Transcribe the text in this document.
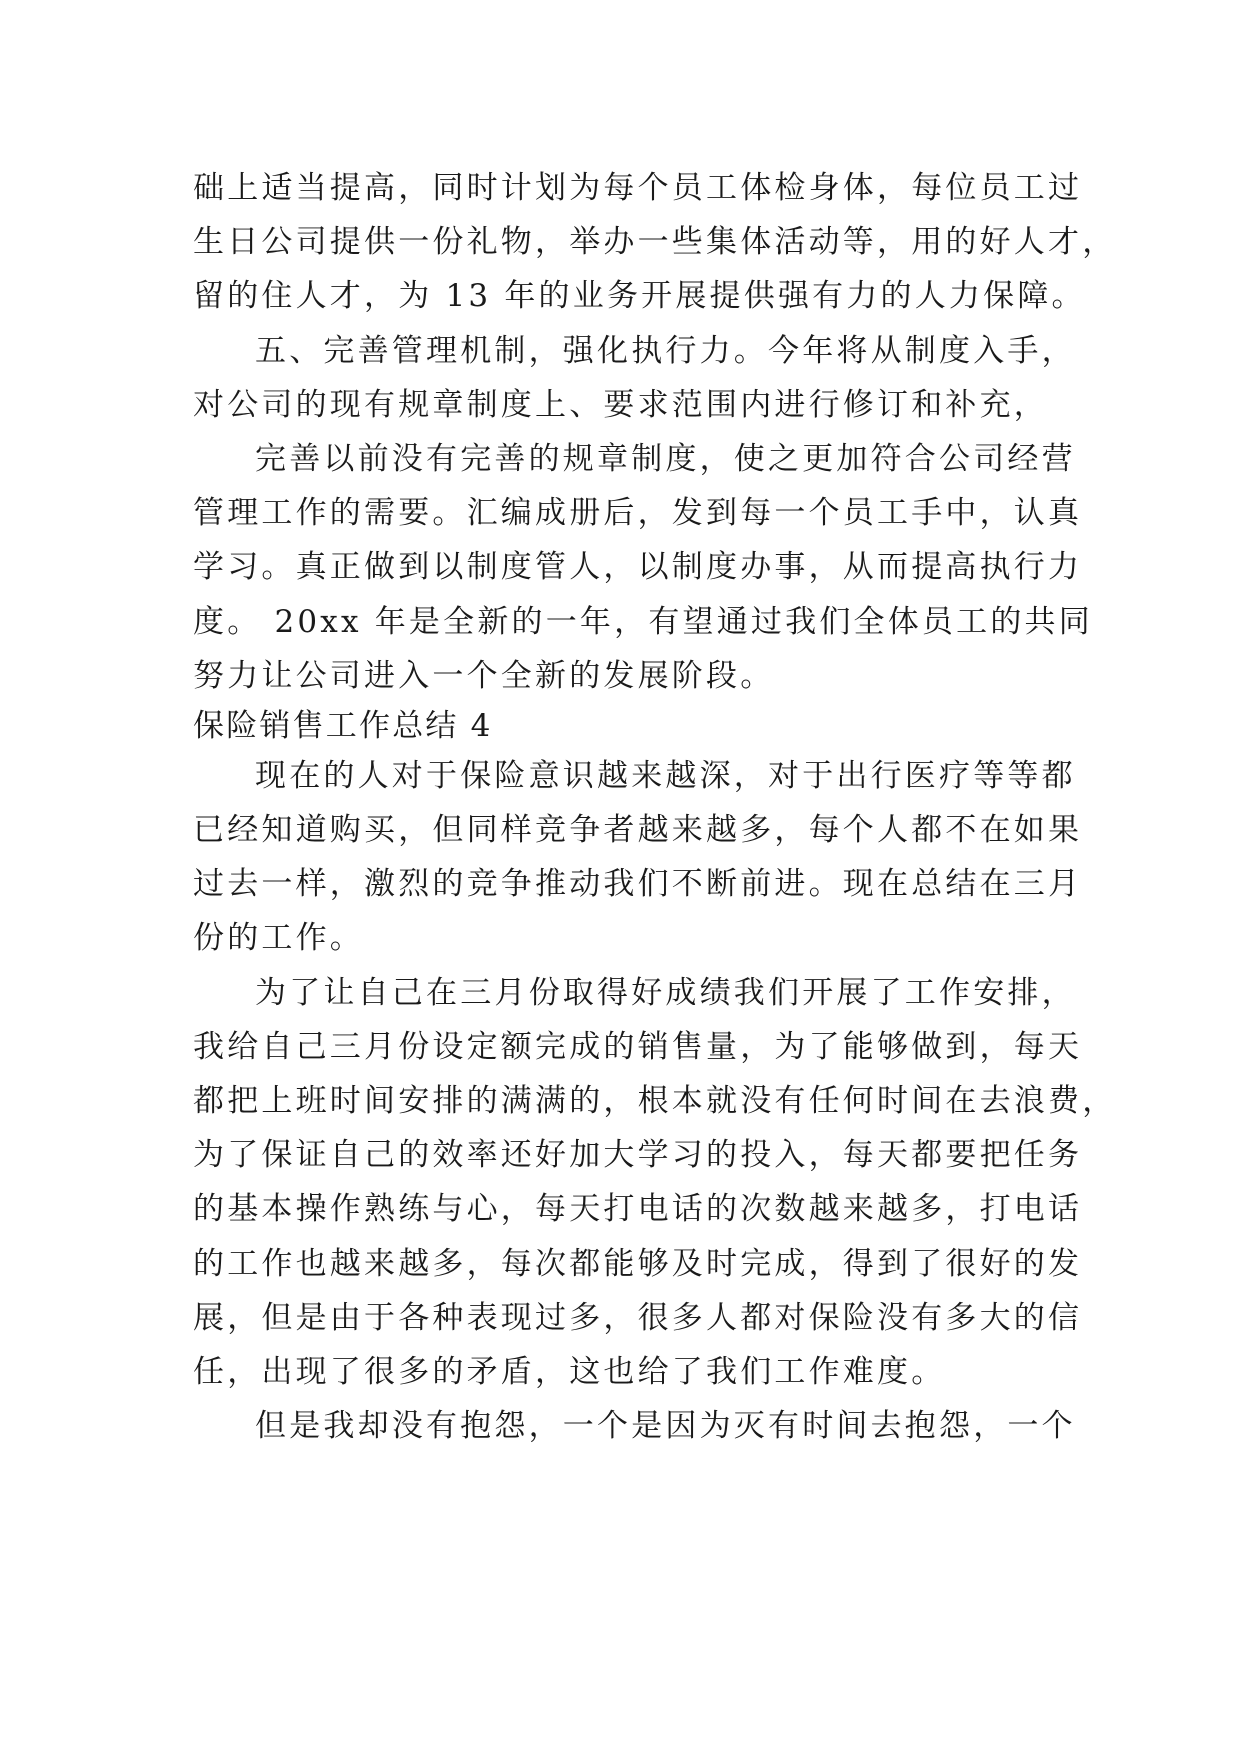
础上适当提高，同时计划为每个员工体检身体，每位员工过
生日公司提供一份礼物，举办一些集体活动等，用的好人才，
留的住人才，为 13 年的业务开展提供强有力的人力保障。
五、完善管理机制，强化执行力。今年将从制度入手，
对公司的现有规章制度上、要求范围内进行修订和补充，
完善以前没有完善的规章制度，使之更加符合公司经营
管理工作的需要。汇编成册后，发到每一个员工手中，认真
学习。真正做到以制度管人，以制度办事，从而提高执行力
度。 20xx 年是全新的一年，有望通过我们全体员工的共同
努力让公司进入一个全新的发展阶段。
保险销售工作总结 4
现在的人对于保险意识越来越深，对于出行医疗等等都
已经知道购买，但同样竞争者越来越多，每个人都不在如果
过去一样，激烈的竞争推动我们不断前进。现在总结在三月
份的工作。
为了让自己在三月份取得好成绩我们开展了工作安排，
我给自己三月份设定额完成的销售量，为了能够做到，每天
都把上班时间安排的满满的，根本就没有任何时间在去浪费，
为了保证自己的效率还好加大学习的投入，每天都要把任务
的基本操作熟练与心，每天打电话的次数越来越多，打电话
的工作也越来越多，每次都能够及时完成，得到了很好的发
展，但是由于各种表现过多，很多人都对保险没有多大的信
任，出现了很多的矛盾，这也给了我们工作难度。
但是我却没有抱怨，一个是因为灭有时间去抱怨，一个
